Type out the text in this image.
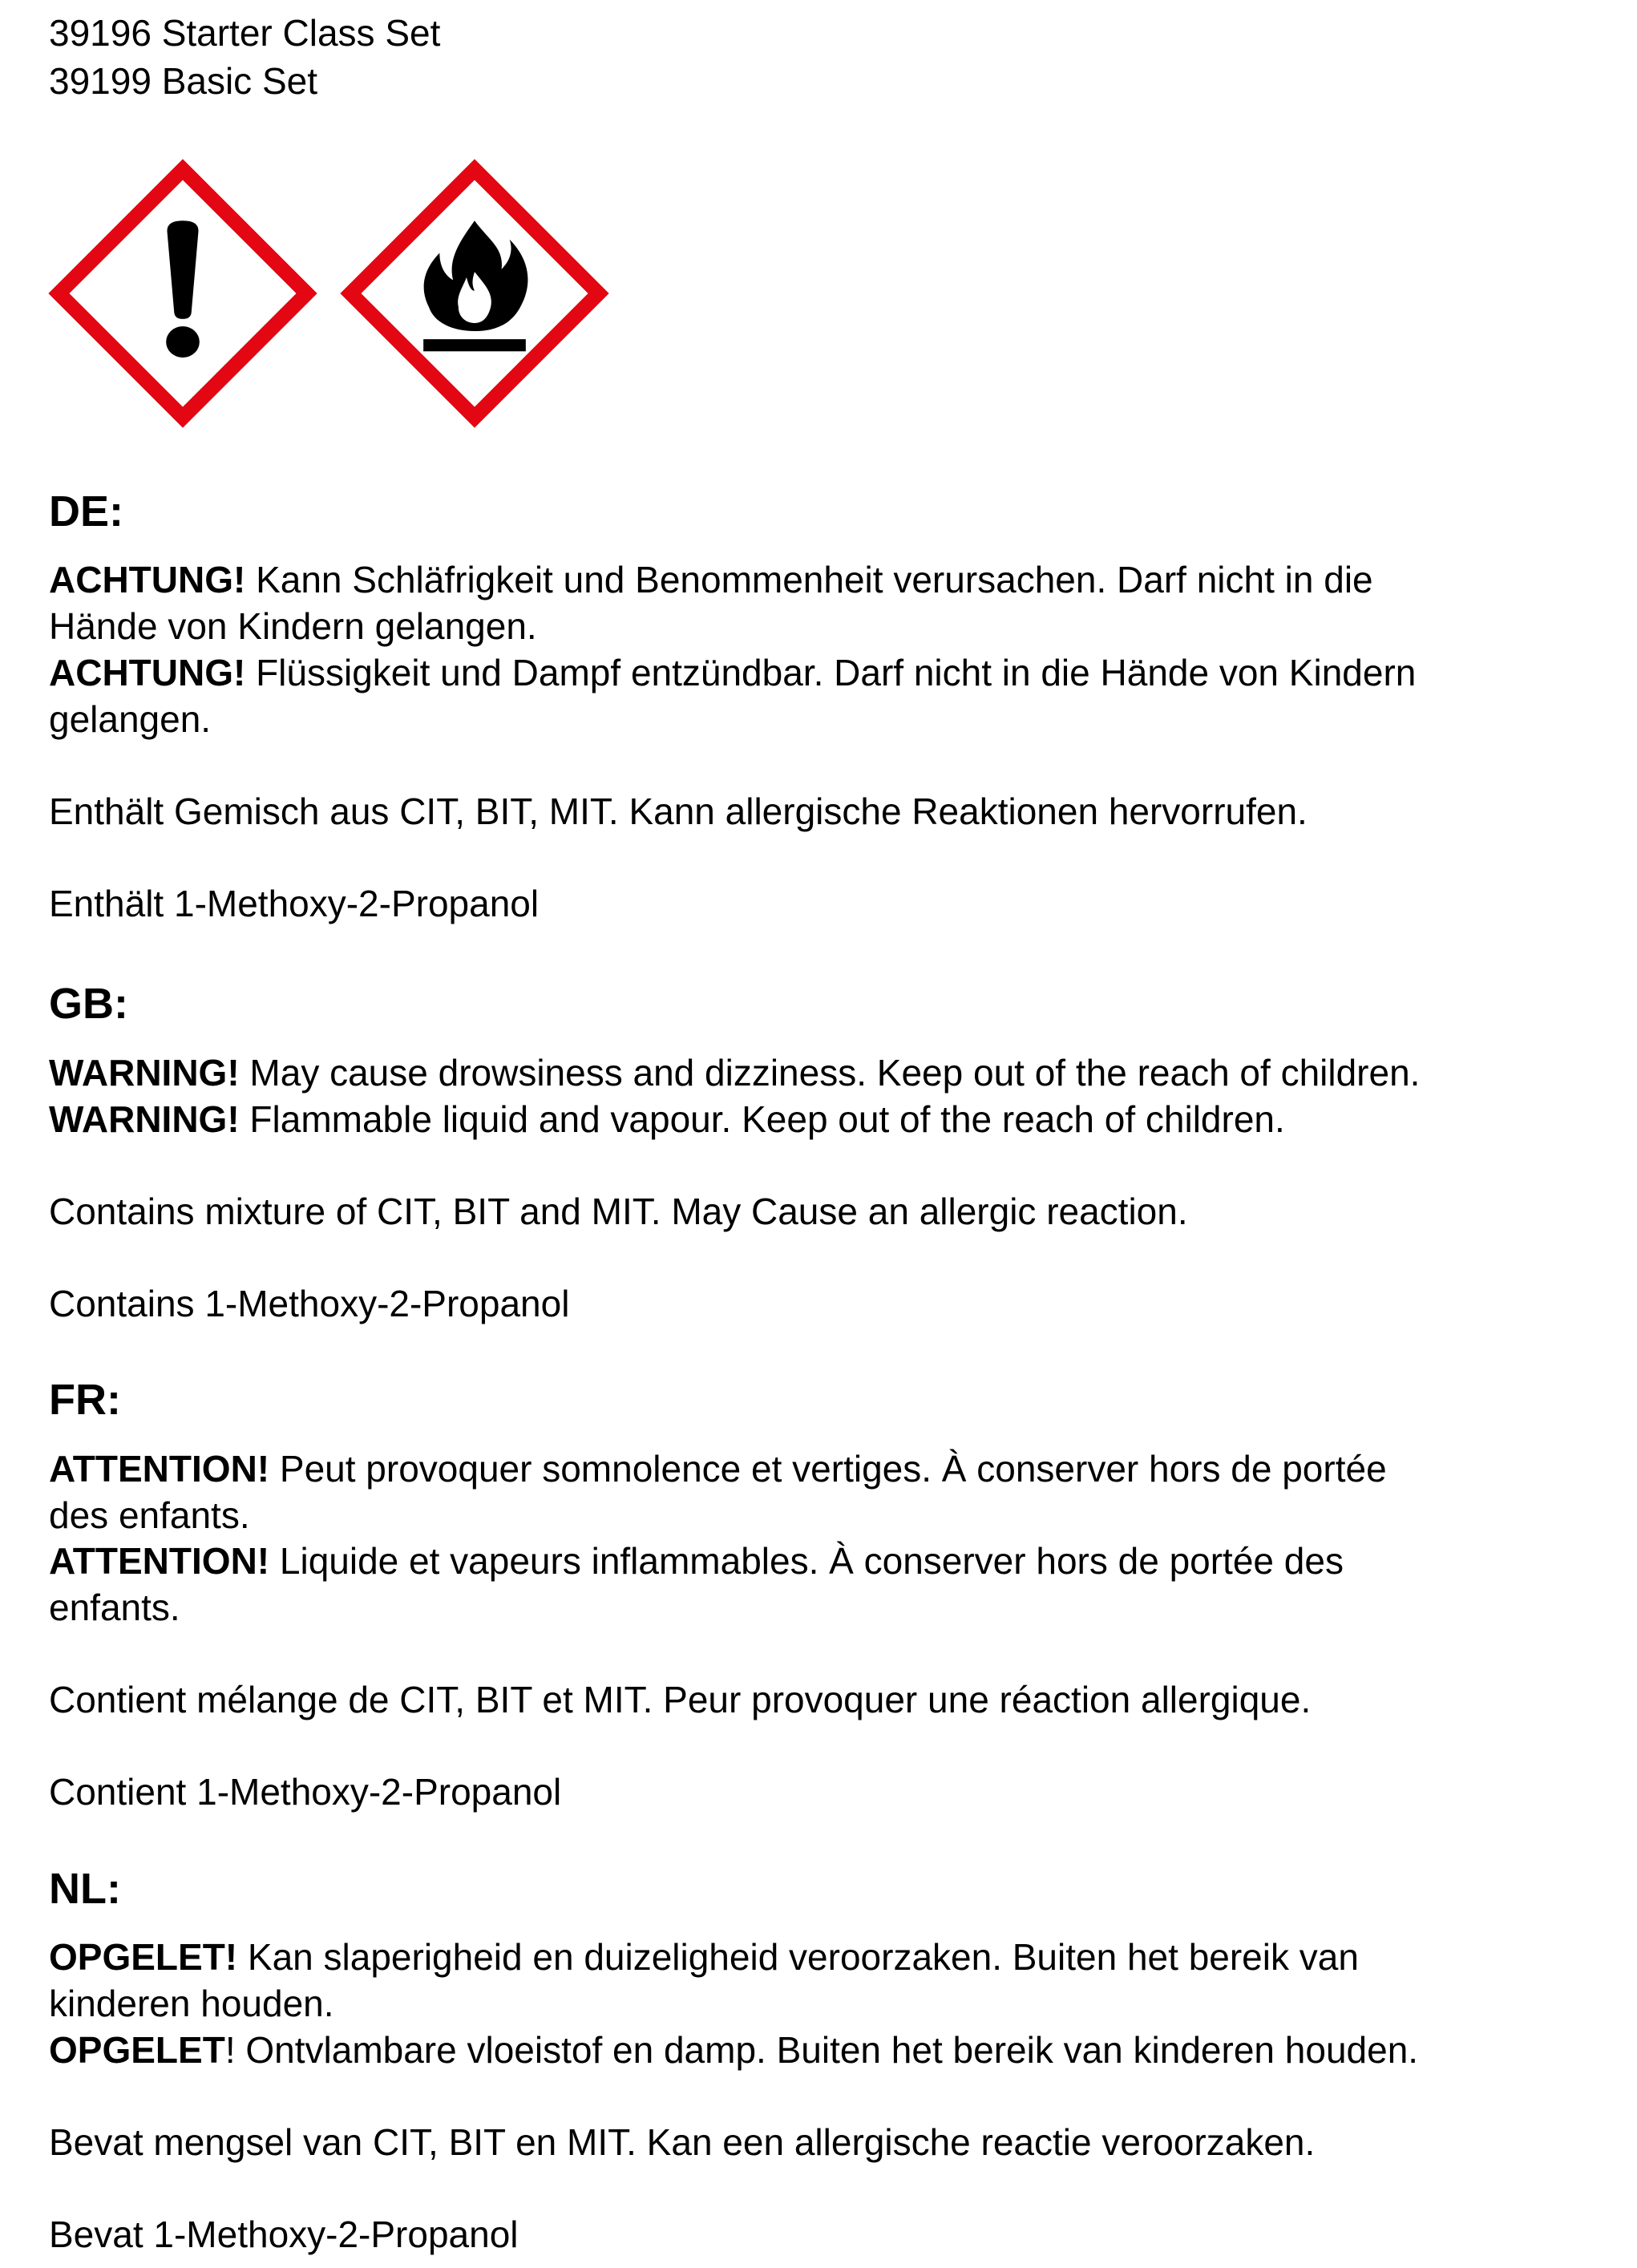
39196 Starter Class Set
39199 Basic Set
DE:
ACHTUNG! Kann Schläfrigkeit und Benommenheit verursachen. Darf nicht in die
Hände von Kindern gelangen.
ACHTUNG! Flüssigkeit und Dampf entzündbar. Darf nicht in die Hände von Kindern
gelangen.
Enthält Gemisch aus CIT, BIT, MIT. Kann allergische Reaktionen hervorrufen.
Enthält 1-Methoxy-2-Propanol
GB:
WARNING! May cause drowsiness and dizziness. Keep out of the reach of children.
WARNING! Flammable liquid and vapour. Keep out of the reach of children.
Contains mixture of CIT, BIT and MIT. May Cause an allergic reaction.
Contains 1-Methoxy-2-Propanol
FR:
ATTENTION! Peut provoquer somnolence et vertiges. À conserver hors de portée
des enfants.
ATTENTION! Liquide et vapeurs inflammables. À conserver hors de portée des
enfants.
Contient mélange de CIT, BIT et MIT. Peur provoquer une réaction allergique.
Contient 1-Methoxy-2-Propanol
NL:
OPGELET! Kan slaperigheid en duizeligheid veroorzaken. Buiten het bereik van
kinderen houden.
OPGELET! Ontvlambare vloeistof en damp. Buiten het bereik van kinderen houden.
Bevat mengsel van CIT, BIT en MIT. Kan een allergische reactie veroorzaken.
Bevat 1-Methoxy-2-Propanol
